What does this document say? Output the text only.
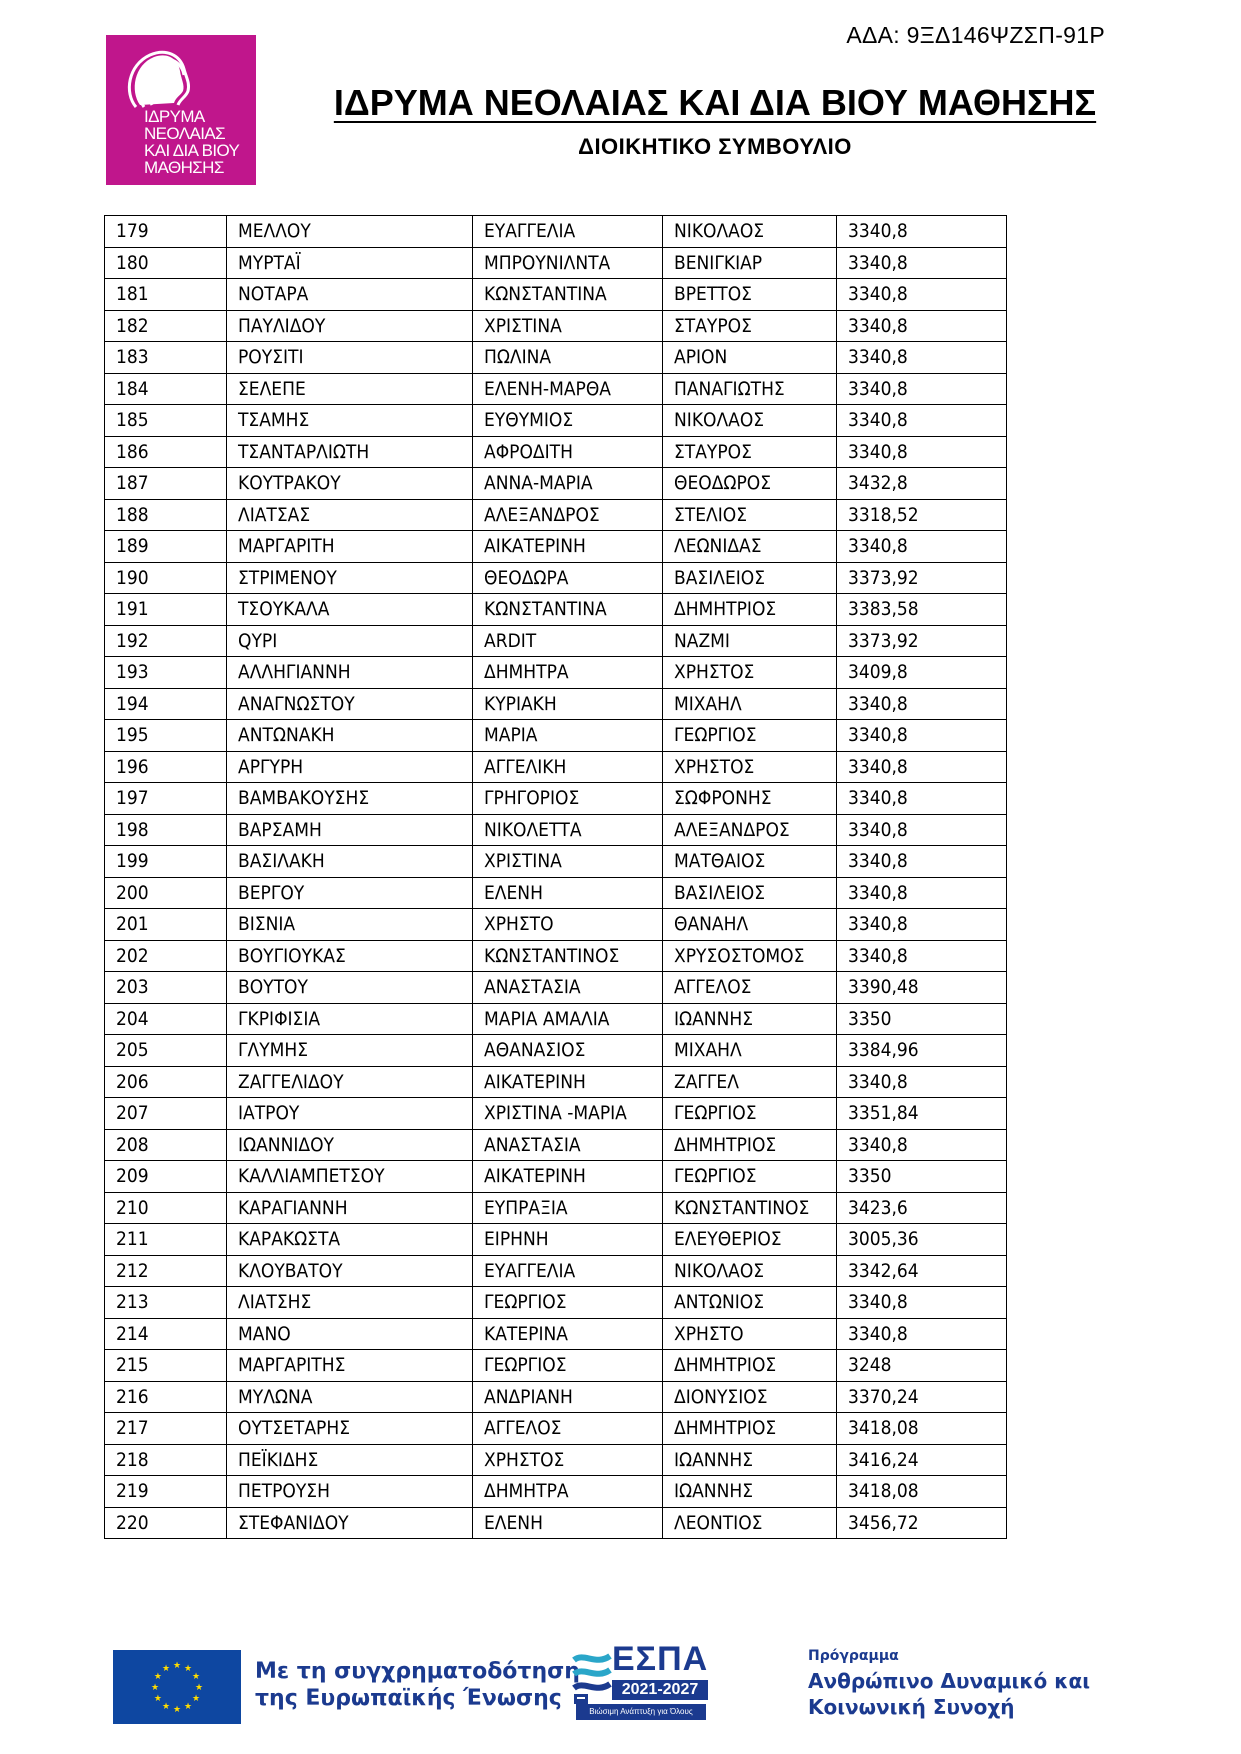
ΑΔΑ: 9ΞΔ146ΨΖΣΠ-91Ρ
ΙΔΡΥΜΑ
ΝΕΟΛΑΙΑΣ
ΚΑΙ ΔΙΑ ΒΙΟΥ
ΜΑΘΗΣΗΣ
ΙΔΡΥΜΑ ΝΕΟΛΑΙΑΣ ΚΑΙ ΔΙΑ ΒΙΟΥ ΜΑΘΗΣΗΣ
ΔΙΟΙΚΗΤΙΚΟ ΣΥΜΒΟΥΛΙΟ
179	ΜΕΛΛΟΥ	ΕΥΑΓΓΕΛΙΑ	ΝΙΚΟΛΑΟΣ	3340,8
180	ΜΥΡΤΑΪ	ΜΠΡΟΥΝΙΛΝΤΑ	ΒΕΝΙΓΚΙΑΡ	3340,8
181	ΝΟΤΑΡΑ	ΚΩΝΣΤΑΝΤΙΝΑ	ΒΡΕΤΤΟΣ	3340,8
182	ΠΑΥΛΙΔΟΥ	ΧΡΙΣΤΙΝΑ	ΣΤΑΥΡΟΣ	3340,8
183	ΡΟΥΣΙΤΙ	ΠΩΛΙΝΑ	ΑΡΙΟΝ	3340,8
184	ΣΕΛΕΠΕ	ΕΛΕΝΗ-ΜΑΡΘΑ	ΠΑΝΑΓΙΩΤΗΣ	3340,8
185	ΤΣΑΜΗΣ	ΕΥΘΥΜΙΟΣ	ΝΙΚΟΛΑΟΣ	3340,8
186	ΤΣΑΝΤΑΡΛΙΩΤΗ	ΑΦΡΟΔΙΤΗ	ΣΤΑΥΡΟΣ	3340,8
187	ΚΟΥΤΡΑΚΟΥ	ΑΝΝΑ-ΜΑΡΙΑ	ΘΕΟΔΩΡΟΣ	3432,8
188	ΛΙΑΤΣΑΣ	ΑΛΕΞΑΝΔΡΟΣ	ΣΤΕΛΙΟΣ	3318,52
189	ΜΑΡΓΑΡΙΤΗ	ΑΙΚΑΤΕΡΙΝΗ	ΛΕΩΝΙΔΑΣ	3340,8
190	ΣΤΡΙΜΕΝΟΥ	ΘΕΟΔΩΡΑ	ΒΑΣΙΛΕΙΟΣ	3373,92
191	ΤΣΟΥΚΑΛΑ	ΚΩΝΣΤΑΝΤΙΝΑ	ΔΗΜΗΤΡΙΟΣ	3383,58
192	QYΡΙ	ARDIT	ΝΑΖΜΙ	3373,92
193	ΑΛΛΗΓΙΑΝΝΗ	ΔΗΜΗΤΡΑ	ΧΡΗΣΤΟΣ	3409,8
194	ΑΝΑΓΝΩΣΤΟΥ	ΚΥΡΙΑΚΗ	ΜΙΧΑΗΛ	3340,8
195	ΑΝΤΩΝΑΚΗ	ΜΑΡΙΑ	ΓΕΩΡΓΙΟΣ	3340,8
196	ΑΡΓΥΡΗ	ΑΓΓΕΛΙΚΗ	ΧΡΗΣΤΟΣ	3340,8
197	ΒΑΜΒΑΚΟΥΣΗΣ	ΓΡΗΓΟΡΙΟΣ	ΣΩΦΡΟΝΗΣ	3340,8
198	ΒΑΡΣΑΜΗ	ΝΙΚΟΛΕΤΤΑ	ΑΛΕΞΑΝΔΡΟΣ	3340,8
199	ΒΑΣΙΛΑΚΗ	ΧΡΙΣΤΙΝΑ	ΜΑΤΘΑΙΟΣ	3340,8
200	ΒΕΡΓΟΥ	ΕΛΕΝΗ	ΒΑΣΙΛΕΙΟΣ	3340,8
201	ΒΙΣΝΙΑ	ΧΡΗΣΤΟ	ΘΑΝΑΗΛ	3340,8
202	ΒΟΥΓΙΟΥΚΑΣ	ΚΩΝΣΤΑΝΤΙΝΟΣ	ΧΡΥΣΟΣΤΟΜΟΣ	3340,8
203	ΒΟΥΤΟΥ	ΑΝΑΣΤΑΣΙΑ	ΑΓΓΕΛΟΣ	3390,48
204	ΓΚΡΙΦΙΣΙΑ	ΜΑΡΙΑ ΑΜΑΛΙΑ	ΙΩΑΝΝΗΣ	3350
205	ΓΛΥΜΗΣ	ΑΘΑΝΑΣΙΟΣ	ΜΙΧΑΗΛ	3384,96
206	ΖΑΓΓΕΛΙΔΟΥ	ΑΙΚΑΤΕΡΙΝΗ	ΖΑΓΓΕΛ	3340,8
207	ΙΑΤΡΟΥ	ΧΡΙΣΤΙΝΑ -ΜΑΡΙΑ	ΓΕΩΡΓΙΟΣ	3351,84
208	ΙΩΑΝΝΙΔΟΥ	ΑΝΑΣΤΑΣΙΑ	ΔΗΜΗΤΡΙΟΣ	3340,8
209	ΚΑΛΛΙΑΜΠΕΤΣΟΥ	ΑΙΚΑΤΕΡΙΝΗ	ΓΕΩΡΓΙΟΣ	3350
210	ΚΑΡΑΓΙΑΝΝΗ	ΕΥΠΡΑΞΙΑ	ΚΩΝΣΤΑΝΤΙΝΟΣ	3423,6
211	ΚΑΡΑΚΩΣΤΑ	ΕΙΡΗΝΗ	ΕΛΕΥΘΕΡΙΟΣ	3005,36
212	ΚΛΟΥΒΑΤΟΥ	ΕΥΑΓΓΕΛΙΑ	ΝΙΚΟΛΑΟΣ	3342,64
213	ΛΙΑΤΣΗΣ	ΓΕΩΡΓΙΟΣ	ΑΝΤΩΝΙΟΣ	3340,8
214	ΜΑΝΟ	ΚΑΤΕΡΙΝΑ	ΧΡΗΣΤΟ	3340,8
215	ΜΑΡΓΑΡΙΤΗΣ	ΓΕΩΡΓΙΟΣ	ΔΗΜΗΤΡΙΟΣ	3248
216	ΜΥΛΩΝΑ	ΑΝΔΡΙΑΝΗ	ΔΙΟΝΥΣΙΟΣ	3370,24
217	ΟΥΤΣΕΤΑΡΗΣ	ΑΓΓΕΛΟΣ	ΔΗΜΗΤΡΙΟΣ	3418,08
218	ΠΕΪΚΙΔΗΣ	ΧΡΗΣΤΟΣ	ΙΩΑΝΝΗΣ	3416,24
219	ΠΕΤΡΟΥΣΗ	ΔΗΜΗΤΡΑ	ΙΩΑΝΝΗΣ	3418,08
220	ΣΤΕΦΑΝΙΔΟΥ	ΕΛΕΝΗ	ΛΕΟΝΤΙΟΣ	3456,72
★
★
★
★
★
★
★
★
★ ★ ★
★ Με τη συγχρηματοδότηση
της Ευρωπαϊκής Ένωσης
ΕΣΠΑ
2021-2027
Βιώσιμη Ανάπτυξη για Όλους
Πρόγραμμα
Ανθρώπινο Δυναμικό και
Κοινωνική Συνοχή
